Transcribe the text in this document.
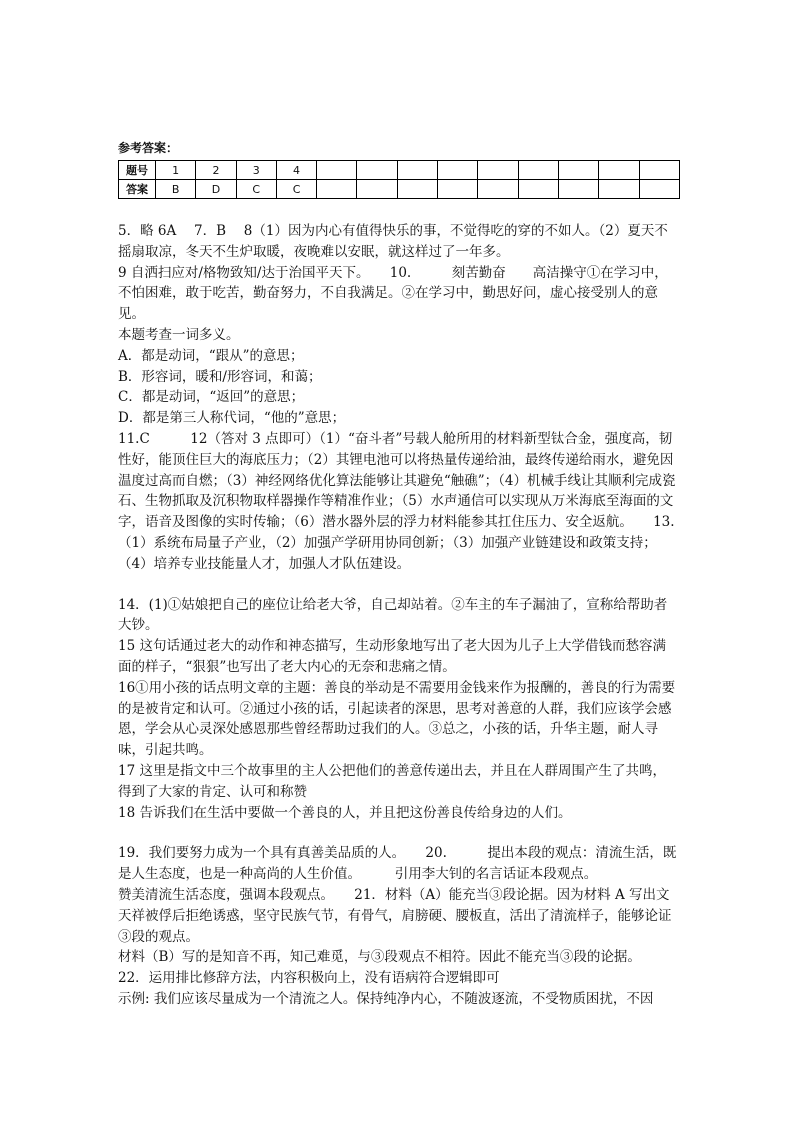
参考答案：
题号	1	2	3	4									
答案	B	D	C	C									

5．略 6A　 7．B　 8（1）因为内心有值得快乐的事，不觉得吃的穿的不如人。（2）夏天不摇扇取凉，冬天不生炉取暖，夜晚难以安眠，就这样过了一年多。

9 自洒扫应对/格物致知/达于治国平天下。　　10.　　　刻苦勤奋　　高洁操守①在学习中，不怕困难，敢于吃苦，勤奋努力，不自我满足。②在学习中，勤思好问，虚心接受别人的意见。

本题考查一词多义。

A．都是动词，“跟从”的意思；

B．形容词，暖和/形容词，和蔼；

C．都是动词，“返回”的意思；

D．都是第三人称代词，“他的”意思；

11.C　　　12（答对 3 点即可）（1）“奋斗者”号载人舱所用的材料新型钛合金，强度高，韧性好，能顶住巨大的海底压力；（2）其锂电池可以将热量传递给油，最终传递给雨水，避免因温度过高而自燃；（3）神经网络优化算法能够让其避免“触礁”；（4）机械手线让其顺利完成瓷石、生物抓取及沉积物取样器操作等精准作业；（5）水声通信可以实现从万米海底至海面的文字，语音及图像的实时传输；（6）潜水器外层的浮力材料能参其扛住压力、安全返航。　　13.（1）系统布局量子产业，（2）加强产学研用协同创新；（3）加强产业链建设和政策支持；（4）培养专业技能量人才，加强人才队伍建设。

14．(1)①姑娘把自己的座位让给老大爷，自己却站着。②车主的车子漏油了，宣称给帮助者大钞。

15 这句话通过老大的动作和神态描写，生动形象地写出了老大因为儿子上大学借钱而愁容满面的样子，“狠狠”也写出了老大内心的无奈和悲痛之情。

16①用小孩的话点明文章的主题：善良的举动是不需要用金钱来作为报酬的，善良的行为需要的是被肯定和认可。②通过小孩的话，引起读者的深思，思考对善意的人群，我们应该学会感恩，学会从心灵深处感恩那些曾经帮助过我们的人。③总之，小孩的话，升华主题，耐人寻味，引起共鸣。

17 这里是指文中三个故事里的主人公把他们的善意传递出去，并且在人群周围产生了共鸣，得到了大家的肯定、认可和称赞

18 告诉我们在生活中要做一个善良的人，并且把这份善良传给身边的人们。

19．我们要努力成为一个具有真善美品质的人。　　20.　　　提出本段的观点：清流生活，既是人生态度，也是一种高尚的人生价值。　　　引用李大钊的名言话证本段观点。

赞美清流生活态度，强调本段观点。　　21．材料（A）能充当③段论据。因为材料 A 写出文天祥被俘后拒绝诱惑，坚守民族气节，有骨气，肩膀硬、腰板直，活出了清流样子，能够论证③段的观点。

材料（B）写的是知音不再，知己难觅，与③段观点不相符。因此不能充当③段的论据。

22．运用排比修辞方法，内容积极向上，没有语病符合逻辑即可

示例: 我们应该尽量成为一个清流之人。保持纯净内心，不随波逐流，不受物质困扰，不因
